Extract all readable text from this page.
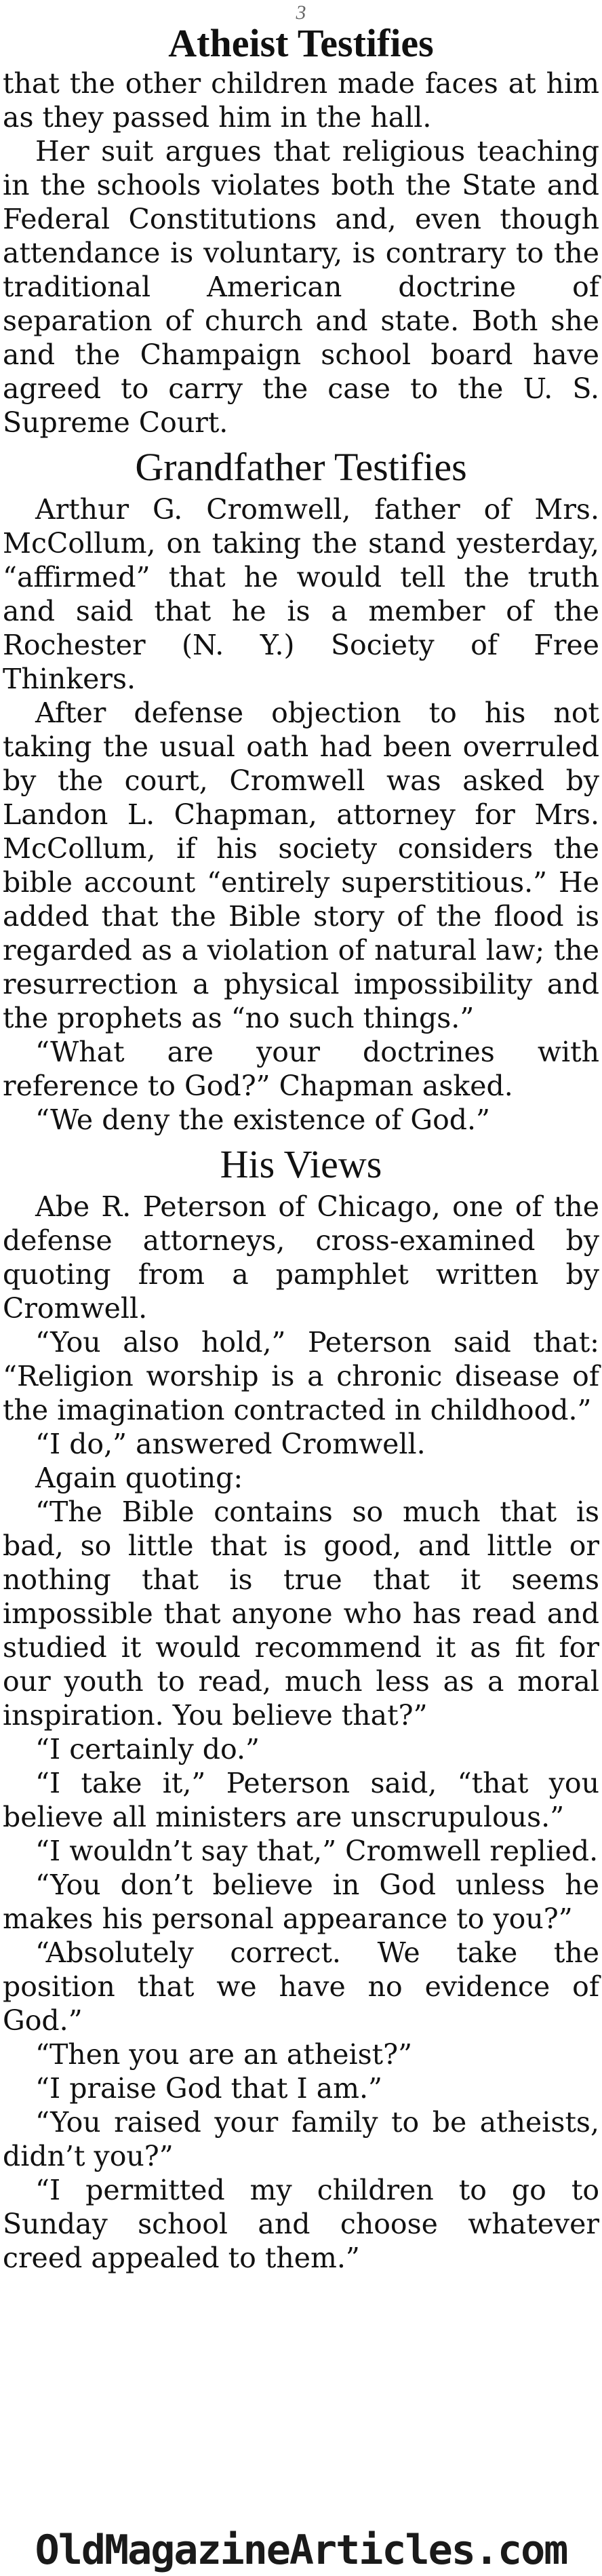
3
Atheist Testifies

that the other children made faces at him as they passed him in the hall.

Her suit argues that religious teaching in the schools violates both the State and Federal Constitutions and, even though attendance is voluntary, is contrary to the traditional American doctrine of separation of church and state. Both she and the Champaign school board have agreed to carry the case to the U. S. Supreme Court.

Grandfather Testifies

Arthur G. Cromwell, father of Mrs. McCollum, on taking the stand yesterday, “affirmed” that he would tell the truth and said that he is a member of the Rochester (N. Y.) Society of Free Thinkers.

After defense objection to his not taking the usual oath had been overruled by the court, Cromwell was asked by Landon L. Chapman, attorney for Mrs. McCollum, if his society considers the bible account “entirely superstitious.” He added that the Bible story of the flood is regarded as a violation of natural law; the resurrection a physical impossibility and the prophets as “no such things.”

“What are your doctrines with reference to God?” Chapman asked.

“We deny the existence of God.”

His Views

Abe R. Peterson of Chicago, one of the defense attorneys, cross-examined by quoting from a pamphlet written by Cromwell.

“You also hold,” Peterson said that: “Religion worship is a chronic disease of the imagination contracted in childhood.”

“I do,” answered Cromwell.

Again quoting:

“The Bible contains so much that is bad, so little that is good, and little or nothing that is true that it seems impossible that anyone who has read and studied it would recommend it as fit for our youth to read, much less as a moral inspiration. You believe that?”

“I certainly do.”

“I take it,” Peterson said, “that you believe all ministers are unscrupulous.”

“I wouldn’t say that,” Cromwell replied.

“You don’t believe in God unless he makes his personal appearance to you?”

“Absolutely correct. We take the position that we have no evidence of God.”

“Then you are an atheist?”

“I praise God that I am.”

“You raised your family to be atheists, didn’t you?”

“I permitted my children to go to Sunday school and choose whatever creed appealed to them.”

OldMagazineArticles.com
